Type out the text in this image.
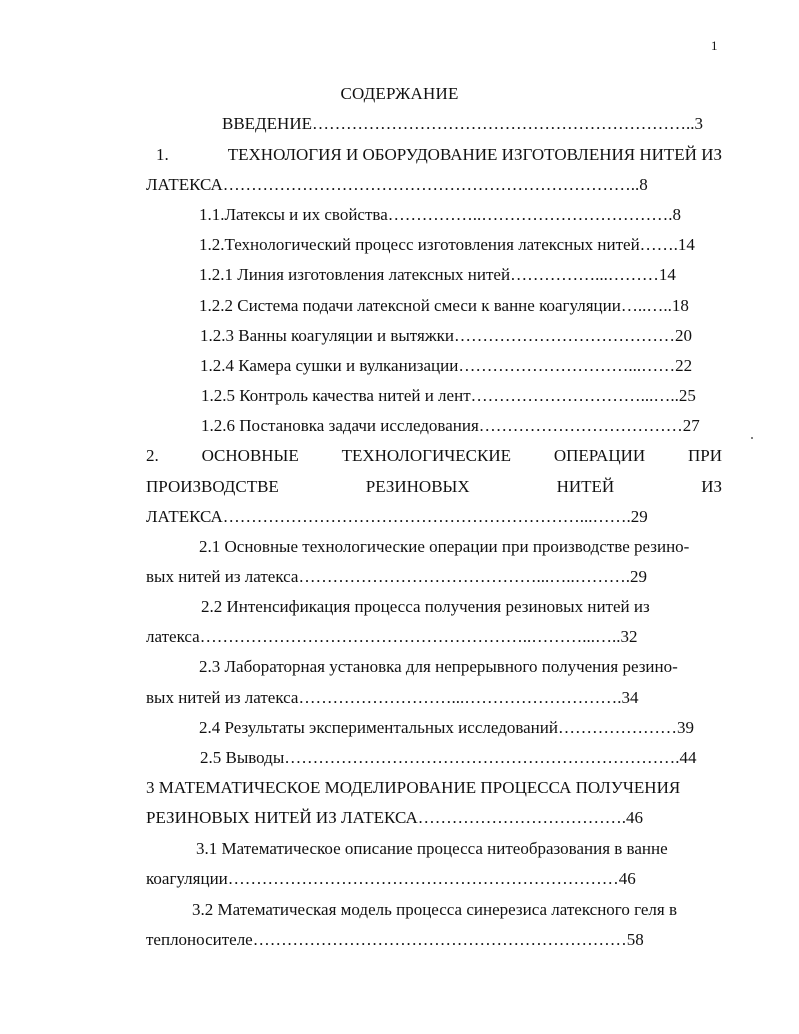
1
СОДЕРЖАНИЕ
ВВЕДЕНИЕ…………………………………………………………..3
1.	ТЕХНОЛОГИЯ И ОБОРУДОВАНИЕ ИЗГОТОВЛЕНИЯ НИТЕЙ ИЗ
ЛАТЕКСА………………………………………………………………..8
1.1.Латексы и их свойства……………..…………………………….8
1.2.Технологический процесс изготовления латексных нитей…….14
1.2.1 Линия изготовления латексных нитей……………...………14
1.2.2 Система подачи латексной смеси к ванне коагуляции…..…..18
1.2.3 Ванны коагуляции и вытяжки…………………………………20
1.2.4 Камера сушки и вулканизации…………………………...……22
1.2.5 Контроль качества нитей и лент…………………………...…..25
1.2.6 Постановка задачи исследования………………………………27
2.	ОСНОВНЫЕ	ТЕХНОЛОГИЧЕСКИЕ	ОПЕРАЦИИ	ПРИ
ПРОИЗВОДСТВЕ	РЕЗИНОВЫХ	НИТЕЙ	ИЗ
ЛАТЕКСА………………………………………………………...…….29
2.1 Основные технологические операции при производстве резино-
вых нитей из латекса……………………………………...…..……….29
2.2 Интенсификация процесса получения резиновых нитей из
латекса…………………………………………………..………...…..32
2.3 Лабораторная установка для непрерывного получения резино-
вых нитей из латекса………………………...……………………….34
2.4 Результаты экспериментальных исследований…………………39
2.5 Выводы…………………………………………………………….44
3 МАТЕМАТИЧЕСКОЕ МОДЕЛИРОВАНИЕ ПРОЦЕССА ПОЛУЧЕНИЯ
РЕЗИНОВЫХ НИТЕЙ ИЗ ЛАТЕКСА……………………………….46
3.1 Математическое описание процесса нитеобразования в ванне
коагуляции……………………………………………………………46
3.2 Математическая модель процесса синерезиса латексного геля в
теплоносителе…………………………………………………………58
